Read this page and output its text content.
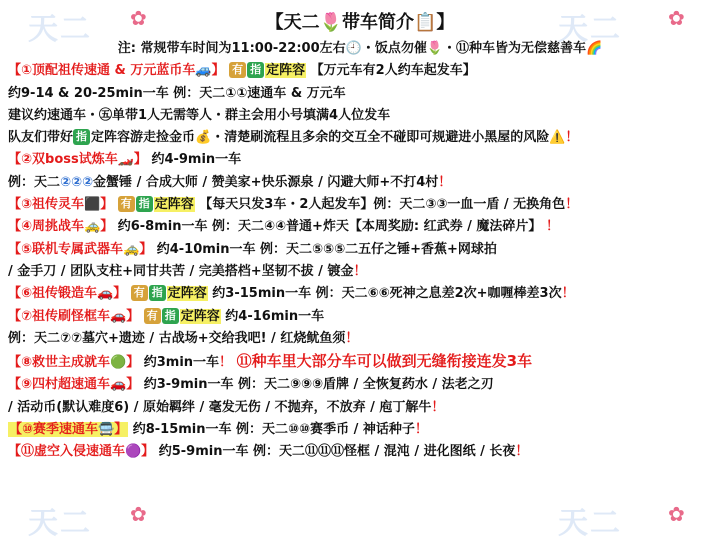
天二	天二
天二	天二
✿	✿
✿	✿
【天二🌷带车简介📋】
注: 常规带车时间为11:00-22:00左右🕘・饭点勿催🌷・⑪种车皆为无偿慈善车🌈
【①顶配祖传速通 & 万元蓝币车🚙】 有 指 定阵容 【万元车有2人约车起发车】
约9-14 & 20-25min一车 例：天二①①速通车 & 万元车
建议约速通车・㊄单带1人无需等人・群主会用小号填满4人位发车
队友们带好 指 定阵容游走捡金币💰・清楚刷流程且多余的交互全不碰即可规避进小黑屋的风险⚠️！
【②双boss试炼车🏎️】 约4-9min一车
例：天二②②②金蟹锤 / 合成大师 / 赞美家+快乐源泉 / 闪避大师+不打4村！
【③祖传灵车⬛】 有 指 定阵容 【每天只发3车・2人起发车】例：天二③③一血一盾 / 无换角色！
【④周挑战车🚕】 约6-8min一车 例：天二④④普通+炸天【本周奖励: 红武券 / 魔法碎片】 ！
【⑤联机专属武器车🚕】 约4-10min一车 例：天二⑤⑤⑤二五仔之锤+香蕉+网球拍
/ 金手刀 / 团队支柱+同甘共苦 / 完美搭档+坚韧不拔 / 镀金！
【⑥祖传锻造车🚗】 有 指 定阵容 约3-15min一车 例：天二⑥⑥死神之息差2次+咖喱棒差3次！
【⑦祖传刷怪框车🚗】 有 指 定阵容 约4-16min一车
例：天二⑦⑦墓穴+遗迹 / 古战场+交给我吧! / 红烧鱿鱼须！
【⑧救世主成就车🟢】 约3min一车！ ⑪种车里大部分车可以做到无缝衔接连发3车
【⑨四村超速通车🚗】 约3-9min一车 例：天二⑨⑨⑨盾牌 / 全恢复药水 / 法老之刃
/ 活动币(默认难度6) / 原始羁绊 / 毫发无伤 / 不抛弃，不放弃 / 庖丁解牛！
【⑩赛季速通车🚍】 约8-15min一车 例：天二⑩⑩赛季币 / 神话种子！
【⑪虚空入侵速通车🟣】 约5-9min一车 例：天二⑪⑪⑪怪框 / 混沌 / 进化图纸 / 长夜！
